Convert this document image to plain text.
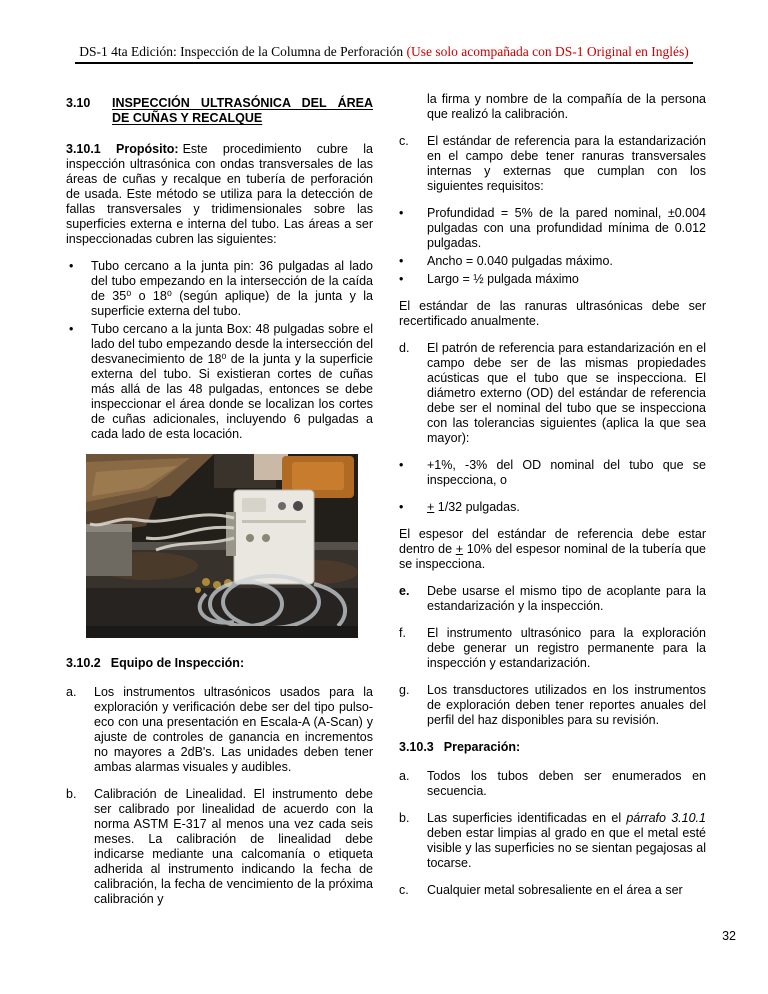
DS-1 4ta Edición: Inspección de la Columna de Perforación (Use solo acompañada con DS-1 Original en Inglés)
3.10	INSPECCIÓN ULTRASÓNICA DEL ÁREA
DE CUÑAS Y RECALQUE

3.10.1 Propósito: Este procedimiento cubre la inspección ultrasónica con ondas transversales de las áreas de cuñas y recalque en tubería de perforación de usada. Este método se utiliza para la detección de fallas transversales y tridimensionales sobre las superficies externa e interna del tubo. Las áreas a ser inspeccionadas cubren las siguientes:

•	Tubo cercano a la junta pin: 36 pulgadas al lado del tubo empezando en la intersección de la caída de 35⁰ o 18⁰ (según aplique) de la junta y la superficie externa del tubo.
•	Tubo cercano a la junta Box: 48 pulgadas sobre el lado del tubo empezando desde la intersección del desvanecimiento de 18⁰ de la junta y la superficie externa del tubo. Si existieran cortes de cuñas más allá de las 48 pulgadas, entonces se debe inspeccionar el área donde se localizan los cortes de cuñas adicionales, incluyendo 6 pulgadas a cada lado de esta locación.
3.10.2 Equipo de Inspección:
a.	Los instrumentos ultrasónicos usados para la exploración y verificación debe ser del tipo pulso-eco con una presentación en Escala-A (A-Scan) y ajuste de controles de ganancia en incrementos no mayores a 2dB's. Las unidades deben tener ambas alarmas visuales y audibles.
b.	Calibración de Linealidad. El instrumento debe ser calibrado por linealidad de acuerdo con la norma ASTM E-317 al menos una vez cada seis meses. La calibración de linealidad debe indicarse mediante una calcomanía o etiqueta adherida al instrumento indicando la fecha de calibración, la fecha de vencimiento de la próxima calibración y
la firma y nombre de la compañía de la persona que realizó la calibración.
c.	El estándar de referencia para la estandarización en el campo debe tener ranuras transversales internas y externas que cumplan con los siguientes requisitos:
•	Profundidad = 5% de la pared nominal, ±0.004 pulgadas con una profundidad mínima de 0.012 pulgadas.
•	Ancho = 0.040 pulgadas máximo.
•	Largo = ½ pulgada máximo

El estándar de las ranuras ultrasónicas debe ser recertificado anualmente.

d.	El patrón de referencia para estandarización en el campo debe ser de las mismas propiedades acústicas que el tubo que se inspecciona. El diámetro externo (OD) del estándar de referencia debe ser el nominal del tubo que se inspecciona con las tolerancias siguientes (aplica la que sea mayor):
•	+1%, -3% del OD nominal del tubo que se inspecciona, o
•	+ 1/32 pulgadas.

El espesor del estándar de referencia debe estar dentro de + 10% del espesor nominal de la tubería que se inspecciona.

e.	Debe usarse el mismo tipo de acoplante para la estandarización y la inspección.
f.	El instrumento ultrasónico para la exploración debe generar un registro permanente para la inspección y estandarización.
g.	Los transductores utilizados en los instrumentos de exploración deben tener reportes anuales del perfil del haz disponibles para su revisión.
3.10.3 Preparación:
a.	Todos los tubos deben ser enumerados en secuencia.
b.	Las superficies identificadas en el párrafo 3.10.1 deben estar limpias al grado en que el metal esté visible y las superficies no se sientan pegajosas al tocarse.
c.	Cualquier metal sobresaliente en el área a ser
32
